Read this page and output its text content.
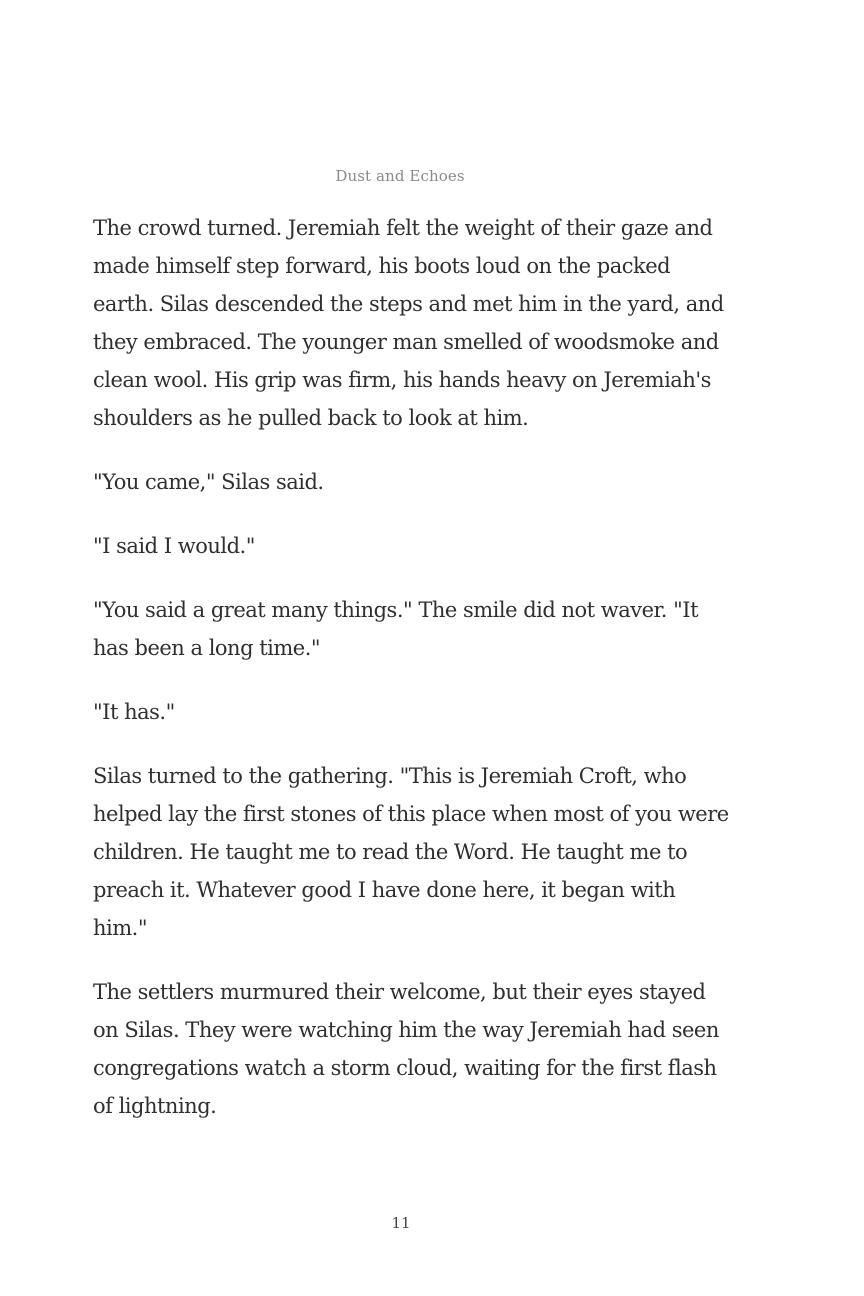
Dust and Echoes

The crowd turned. Jeremiah felt the weight of their gaze and made himself step forward, his boots loud on the packed earth. Silas descended the steps and met him in the yard, and they embraced. The younger man smelled of woodsmoke and clean wool. His grip was firm, his hands heavy on Jeremiah's shoulders as he pulled back to look at him.

"You came," Silas said.

"I said I would."

"You said a great many things." The smile did not waver. "It has been a long time."

"It has."

Silas turned to the gathering. "This is Jeremiah Croft, who helped lay the first stones of this place when most of you were children. He taught me to read the Word. He taught me to preach it. Whatever good I have done here, it began with him."

The settlers murmured their welcome, but their eyes stayed on Silas. They were watching him the way Jeremiah had seen congregations watch a storm cloud, waiting for the first flash of lightning.

11
